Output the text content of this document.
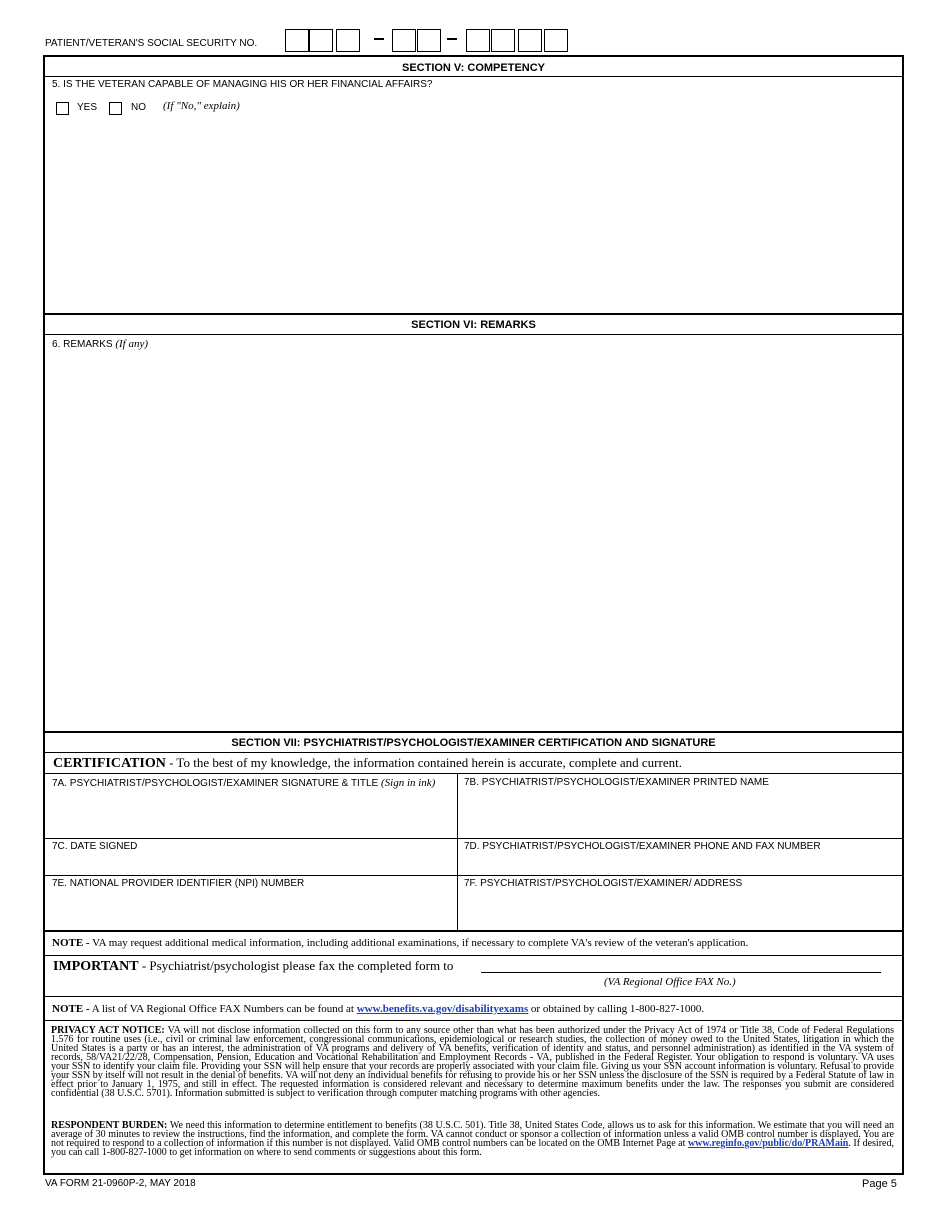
PATIENT/VETERAN'S SOCIAL SECURITY NO.
SECTION V: COMPETENCY
5. IS THE VETERAN CAPABLE OF MANAGING HIS OR HER FINANCIAL AFFAIRS?
YES	NO (If "No," explain)
SECTION VI: REMARKS
6. REMARKS (If any)
SECTION VII: PSYCHIATRIST/PSYCHOLOGIST/EXAMINER CERTIFICATION AND SIGNATURE
CERTIFICATION - To the best of my knowledge, the information contained herein is accurate, complete and current.
7A. PSYCHIATRIST/PSYCHOLOGIST/EXAMINER SIGNATURE & TITLE (Sign in ink)	7B. PSYCHIATRIST/PSYCHOLOGIST/EXAMINER PRINTED NAME
7C. DATE SIGNED	7D. PSYCHIATRIST/PSYCHOLOGIST/EXAMINER PHONE AND FAX NUMBER
7E. NATIONAL PROVIDER IDENTIFIER (NPI) NUMBER	7F. PSYCHIATRIST/PSYCHOLOGIST/EXAMINER/ ADDRESS
NOTE - VA may request additional medical information, including additional examinations, if necessary to complete VA's review of the veteran's application.
IMPORTANT - Psychiatrist/psychologist please fax the completed form to
(VA Regional Office FAX No.)
NOTE - A list of VA Regional Office FAX Numbers can be found at www.benefits.va.gov/disabilityexams or obtained by calling 1-800-827-1000.
PRIVACY ACT NOTICE: VA will not disclose information collected on this form to any source other than what has been authorized under the Privacy Act of 1974 or Title 38, Code of Federal Regulations 1.576 for routine uses (i.e., civil or criminal law enforcement, congressional communications, epidemiological or research studies, the collection of money owed to the United States, litigation in which the United States is a party or has an interest, the administration of VA programs and delivery of VA benefits, verification of identity and status, and personnel administration) as identified in the VA system of records, 58/VA21/22/28, Compensation, Pension, Education and Vocational Rehabilitation and Employment Records - VA, published in the Federal Register. Your obligation to respond is voluntary. VA uses your SSN to identify your claim file. Providing your SSN will help ensure that your records are properly associated with your claim file. Giving us your SSN account information is voluntary. Refusal to provide your SSN by itself will not result in the denial of benefits. VA will not deny an individual benefits for refusing to provide his or her SSN unless the disclosure of the SSN is required by a Federal Statute of law in effect prior to January 1, 1975, and still in effect. The requested information is considered relevant and necessary to determine maximum benefits under the law. The responses you submit are considered confidential (38 U.S.C. 5701). Information submitted is subject to verification through computer matching programs with other agencies.
RESPONDENT BURDEN: We need this information to determine entitlement to benefits (38 U.S.C. 501). Title 38, United States Code, allows us to ask for this information. We estimate that you will need an average of 30 minutes to review the instructions, find the information, and complete the form. VA cannot conduct or sponsor a collection of information unless a valid OMB control number is displayed. You are not required to respond to a collection of information if this number is not displayed. Valid OMB control numbers can be located on the OMB Internet Page at www.reginfo.gov/public/do/PRAMain. If desired, you can call 1-800-827-1000 to get information on where to send comments or suggestions about this form.
VA FORM 21-0960P-2, MAY 2018	Page 5
